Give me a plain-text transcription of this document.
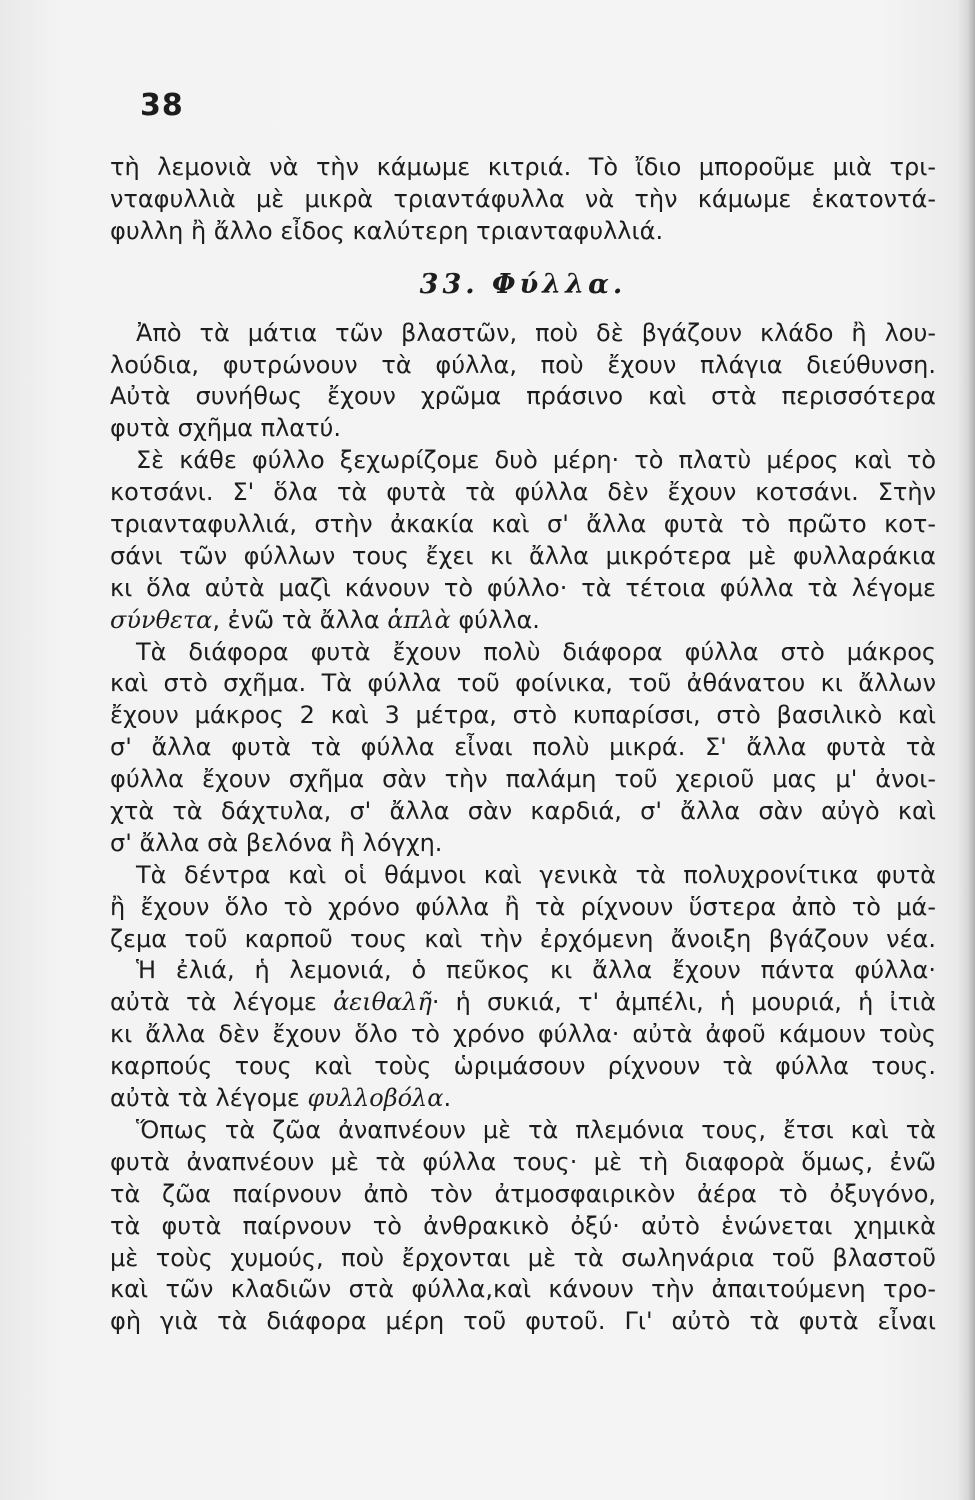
38
τὴ λεμονιὰ νὰ τὴν κάμωμε κιτριά. Τὸ ἴδιο μποροῦμε μιὰ τρι-
νταφυλλιὰ μὲ μικρὰ τριαντάφυλλα νὰ τὴν κάμωμε ἑκατοντά-
φυλλη ἢ ἄλλο εἶδος καλύτερη τριανταφυλλιά.
33. Φύλλα.
Ἀπὸ τὰ μάτια τῶν βλαστῶν, ποὺ δὲ βγάζουν κλάδο ἢ λου-
λούδια, φυτρώνουν τὰ φύλλα, ποὺ ἔχουν πλάγια διεύθυνση.
Αὐτὰ συνήθως ἔχουν χρῶμα πράσινο καὶ στὰ περισσότερα
φυτὰ σχῆμα πλατύ.
Σὲ κάθε φύλλο ξεχωρίζομε δυὸ μέρη· τὸ πλατὺ μέρος καὶ τὸ
κοτσάνι. Σ' ὅλα τὰ φυτὰ τὰ φύλλα δὲν ἔχουν κοτσάνι. Στὴν
τριανταφυλλιά, στὴν ἀκακία καὶ σ' ἄλλα φυτὰ τὸ πρῶτο κοτ-
σάνι τῶν φύλλων τους ἔχει κι ἄλλα μικρότερα μὲ φυλλαράκια
κι ὅλα αὐτὰ μαζὶ κάνουν τὸ φύλλο· τὰ τέτοια φύλλα τὰ λέγομε
σύνθετα, ἐνῶ τὰ ἄλλα ἁπλὰ φύλλα.
Τὰ διάφορα φυτὰ ἔχουν πολὺ διάφορα φύλλα στὸ μάκρος
καὶ στὸ σχῆμα. Τὰ φύλλα τοῦ φοίνικα, τοῦ ἀθάνατου κι ἄλλων
ἔχουν μάκρος 2 καὶ 3 μέτρα, στὸ κυπαρίσσι, στὸ βασιλικὸ καὶ
σ' ἄλλα φυτὰ τὰ φύλλα εἶναι πολὺ μικρά. Σ' ἄλλα φυτὰ τὰ
φύλλα ἔχουν σχῆμα σὰν τὴν παλάμη τοῦ χεριοῦ μας μ' ἀνοι-
χτὰ τὰ δάχτυλα, σ' ἄλλα σὰν καρδιά, σ' ἄλλα σὰν αὐγὸ καὶ
σ' ἄλλα σὰ βελόνα ἢ λόγχη.
Τὰ δέντρα καὶ οἱ θάμνοι καὶ γενικὰ τὰ πολυχρονίτικα φυτὰ
ἢ ἔχουν ὅλο τὸ χρόνο φύλλα ἢ τὰ ρίχνουν ὕστερα ἀπὸ τὸ μά-
ζεμα τοῦ καρποῦ τους καὶ τὴν ἐρχόμενη ἄνοιξη βγάζουν νέα.
Ἡ ἐλιά, ἡ λεμονιά, ὁ πεῦκος κι ἄλλα ἔχουν πάντα φύλλα·
αὐτὰ τὰ λέγομε ἀειθαλῆ· ἡ συκιά, τ' ἀμπέλι, ἡ μουριά, ἡ ἰτιὰ
κι ἄλλα δὲν ἔχουν ὅλο τὸ χρόνο φύλλα· αὐτὰ ἀφοῦ κάμουν τοὺς
καρπούς τους καὶ τοὺς ὡριμάσουν ρίχνουν τὰ φύλλα τους.
αὐτὰ τὰ λέγομε φυλλοβόλα.
Ὅπως τὰ ζῶα ἀναπνέουν μὲ τὰ πλεμόνια τους, ἔτσι καὶ τὰ
φυτὰ ἀναπνέουν μὲ τὰ φύλλα τους· μὲ τὴ διαφορὰ ὅμως, ἐνῶ
τὰ ζῶα παίρνουν ἀπὸ τὸν ἀτμοσφαιρικὸν ἀέρα τὸ ὀξυγόνο,
τὰ φυτὰ παίρνουν τὸ ἀνθρακικὸ ὀξύ· αὐτὸ ἑνώνεται χημικὰ
μὲ τοὺς χυμούς, ποὺ ἔρχονται μὲ τὰ σωληνάρια τοῦ βλαστοῦ
καὶ τῶν κλαδιῶν στὰ φύλλα,καὶ κάνουν τὴν ἀπαιτούμενη τρο-
φὴ γιὰ τὰ διάφορα μέρη τοῦ φυτοῦ. Γι' αὐτὸ τὰ φυτὰ εἶναι
